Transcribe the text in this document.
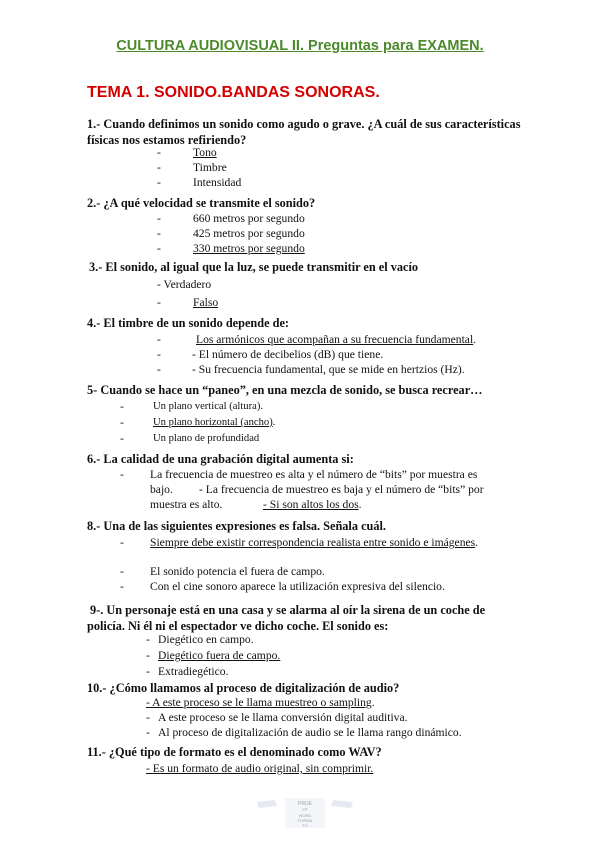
CULTURA AUDIOVISUAL II. Preguntas para EXAMEN.
TEMA 1. SONIDO.BANDAS SONORAS.
1.- Cuando definimos un sonido como agudo o grave. ¿A cuál de sus características
físicas nos estamos refiriendo?
-	Tono
-	Timbre
-	Intensidad
2.- ¿A qué velocidad se transmite el sonido?
-	660 metros por segundo
-	425 metros por segundo
-	330 metros por segundo
3.- El sonido, al igual que la luz, se puede transmitir en el vacío
- Verdadero
-	Falso
4.- El timbre de un sonido depende de:
-	Los armónicos que acompañan a su frecuencia fundamental.
-	- El número de decibelios (dB) que tiene.
-	- Su frecuencia fundamental, que se mide en hertzios (Hz).
5- Cuando se hace un “paneo”, en una mezcla de sonido, se busca recrear…
-	Un plano vertical (altura).
-	Un plano horizontal (ancho).
-	Un plano de profundidad
6.- La calidad de una grabación digital aumenta si:
- La frecuencia de muestreo es alta y el número de “bits” por muestra es
bajo. - La frecuencia de muestreo es baja y el número de “bits” por
muestra es alto.	- Si son altos los dos.
8.- Una de las siguientes expresiones es falsa. Señala cuál.
- Siempre debe existir correspondencia realista entre sonido e imágenes.
- El sonido potencia el fuera de campo.
- Con el cine sonoro aparece la utilización expresiva del silencio.
9-. Un personaje está en una casa y se alarma al oír la sirena de un coche de
policía. Ni él ni el espectador ve dicho coche. El sonido es:
- Diegético en campo.
- Diegético fuera de campo.
- Extradiegético.
10.- ¿Cómo llamamos al proceso de digitalización de audio?
- A este proceso se le llama muestreo o sampling.
- A este proceso se le llama conversión digital auditiva.
- Al proceso de digitalización de audio se le llama rango dinámico.
11.- ¿Qué tipo de formato es el denominado como WAV?
- Es un formato de audio original, sin comprimir.
PRUE
FP
WORD
FORMA
TO
